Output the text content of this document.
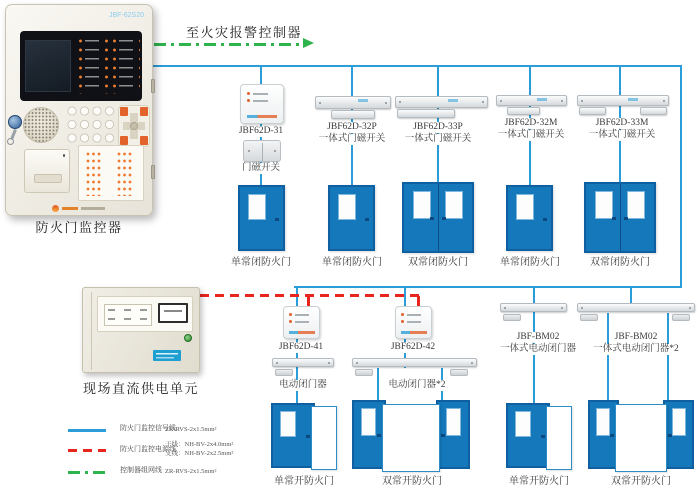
至火灾报警控制器
JBF-62S20
防火门监控器
现场直流供电单元
JBF62D-31
门磁开关
JBF62D-32P
一体式门磁开关
JBF62D-33P
一体式门磁开关
JBF62D-32M
一体式门磁开关
JBF62D-33M
一体式门磁开关
单常闭防火门	单常闭防火门	双常闭防火门	单常闭防火门	双常闭防火门
JBF62D-41
电动闭门器
JBF62D-42
电动闭门器*2
JBF-BM02
一体式电动闭门器
JBF-BM02
一体式电动闭门器*2
单常开防火门	双常开防火门	单常开防火门	双常开防火门
防火门监控信号线
ZR-RVS-2x1.5mm²
防火门监控电源线
干线：NH-BV-2x4.0mm²
支线：NH-BV-2x2.5mm²
控制器组网线 ZR-RVS-2x1.5mm²
